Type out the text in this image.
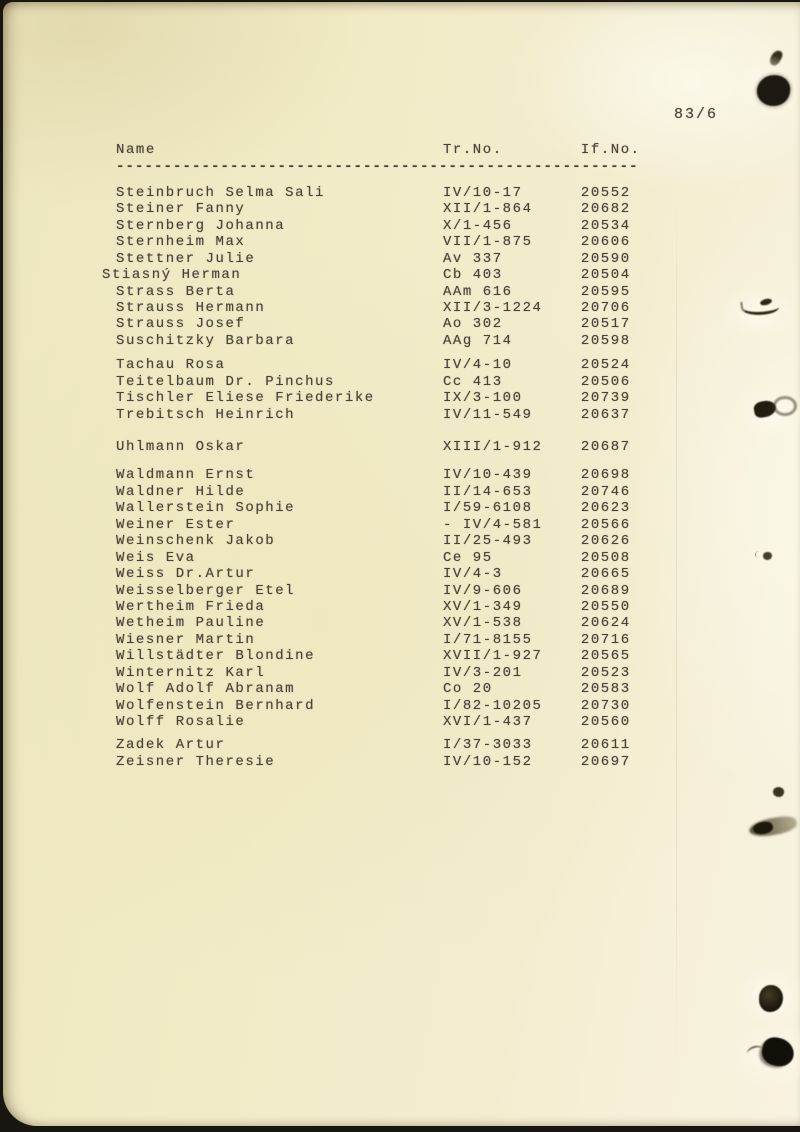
83/6
Name	Tr.No.	If.No.
-------------------------------------------------------
Steinbruch Selma Sali	IV/10-17	20552
Steiner Fanny	XII/1-864	20682
Sternberg Johanna	X/1-456	20534
Sternheim Max	VII/1-875	20606
Stettner Julie	Av 337	20590
Stiasný Herman	Cb 403	20504
Strass Berta	AAm 616	20595
Strauss Hermann	XII/3-1224	20706
Strauss Josef	Ao 302	20517
Suschitzky Barbara	AAg 714	20598
Tachau Rosa	IV/4-10	20524
Teitelbaum Dr. Pinchus	Cc 413	20506
Tischler Eliese Friederike	IX/3-100	20739
Trebitsch Heinrich	IV/11-549	20637
Uhlmann Oskar	XIII/1-912	20687
Waldmann Ernst	IV/10-439	20698
Waldner Hilde	II/14-653	20746
Wallerstein Sophie	I/59-6108	20623
Weiner Ester	- IV/4-581	20566
Weinschenk Jakob	II/25-493	20626
Weis Eva	Ce 95	20508
Weiss Dr.Artur	IV/4-3	20665
Weisselberger Etel	IV/9-606	20689
Wertheim Frieda	XV/1-349	20550
Wetheim Pauline	XV/1-538	20624
Wiesner Martin	I/71-8155	20716
Willstädter Blondine	XVII/1-927	20565
Winternitz Karl	IV/3-201	20523
Wolf Adolf Abranam	Co 20	20583
Wolfenstein Bernhard	I/82-10205	20730
Wolff Rosalie	XVI/1-437	20560
Zadek Artur	I/37-3033	20611
Zeisner Theresie	IV/10-152	20697
